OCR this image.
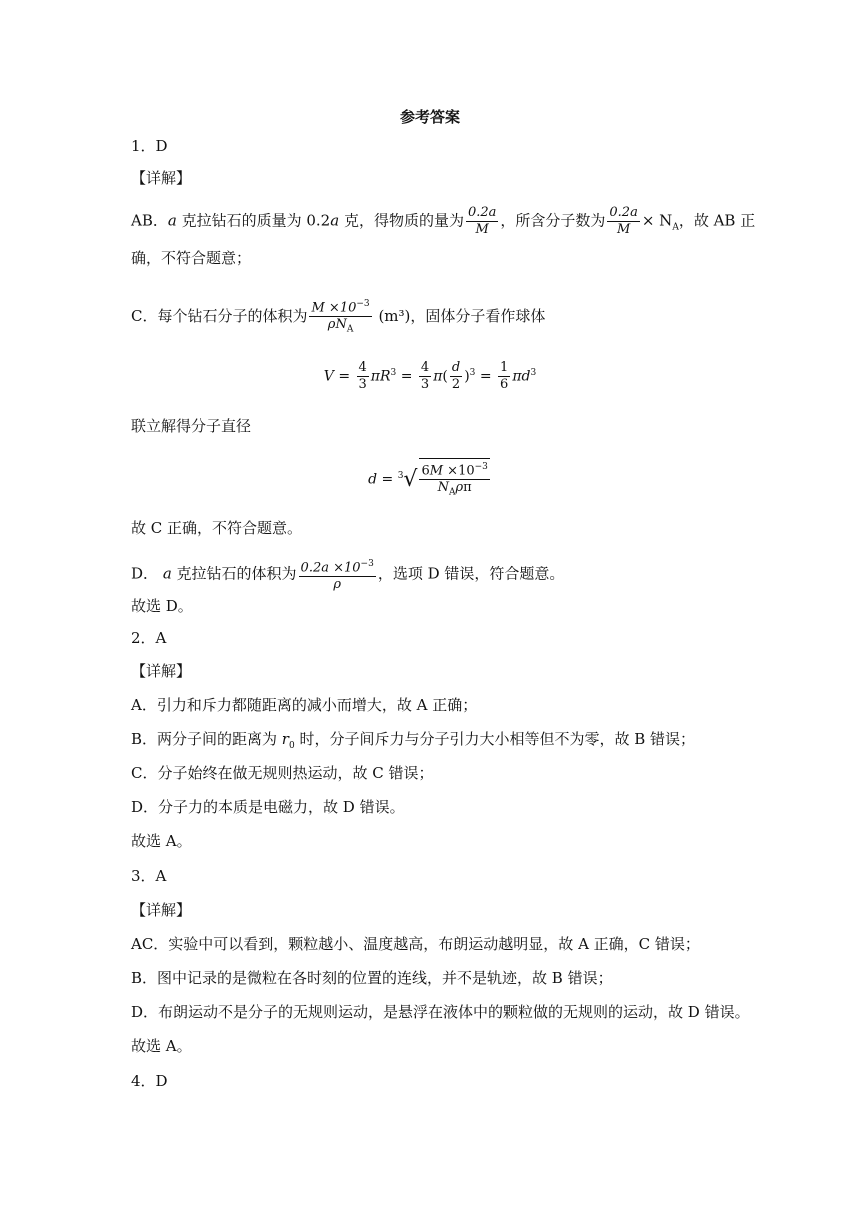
参考答案
1．D
【详解】
AB．a 克拉钻石的质量为 0.2a 克，得物质的量为 $\frac{0.2a}{M}$ ，所含分子数为 $\frac{0.2a}{M} \times N_A$，故 AB 正
确，不符合题意；
C．每个钻石分子的体积为 $\frac{M \times 10^{-3}}{\rho N_A} (m^3)$，固体分子看作球体
$V = \frac{4}{3} \pi R^3 = \frac{4}{3} \pi( \frac{d}{2} )^3 = \frac{1}{6} \pi d^3$
联立解得分子直径
$d = ^3√ \frac{6M \times 10^{-3}}{N_A\rho\pi}$
故 C 正确，不符合题意。
D． a 克拉钻石的体积为 $\frac{0.2a \times 10^{-3}}{\rho}$ ，选项 D 错误，符合题意。
故选 D。
2．A
【详解】
A．引力和斥力都随距离的减小而增大，故 A 正确；
B．两分子间的距离为 $r_0$ 时，分子间斥力与分子引力大小相等但不为零，故 B 错误；
C．分子始终在做无规则热运动，故 C 错误；
D．分子力的本质是电磁力，故 D 错误。
故选 A。
3．A
【详解】
AC．实验中可以看到，颗粒越小、温度越高，布朗运动越明显，故 A 正确，C 错误；
B．图中记录的是微粒在各时刻的位置的连线，并不是轨迹，故 B 错误；
D．布朗运动不是分子的无规则运动，是悬浮在液体中的颗粒做的无规则的运动，故 D 错误。
故选 A。
4．D
